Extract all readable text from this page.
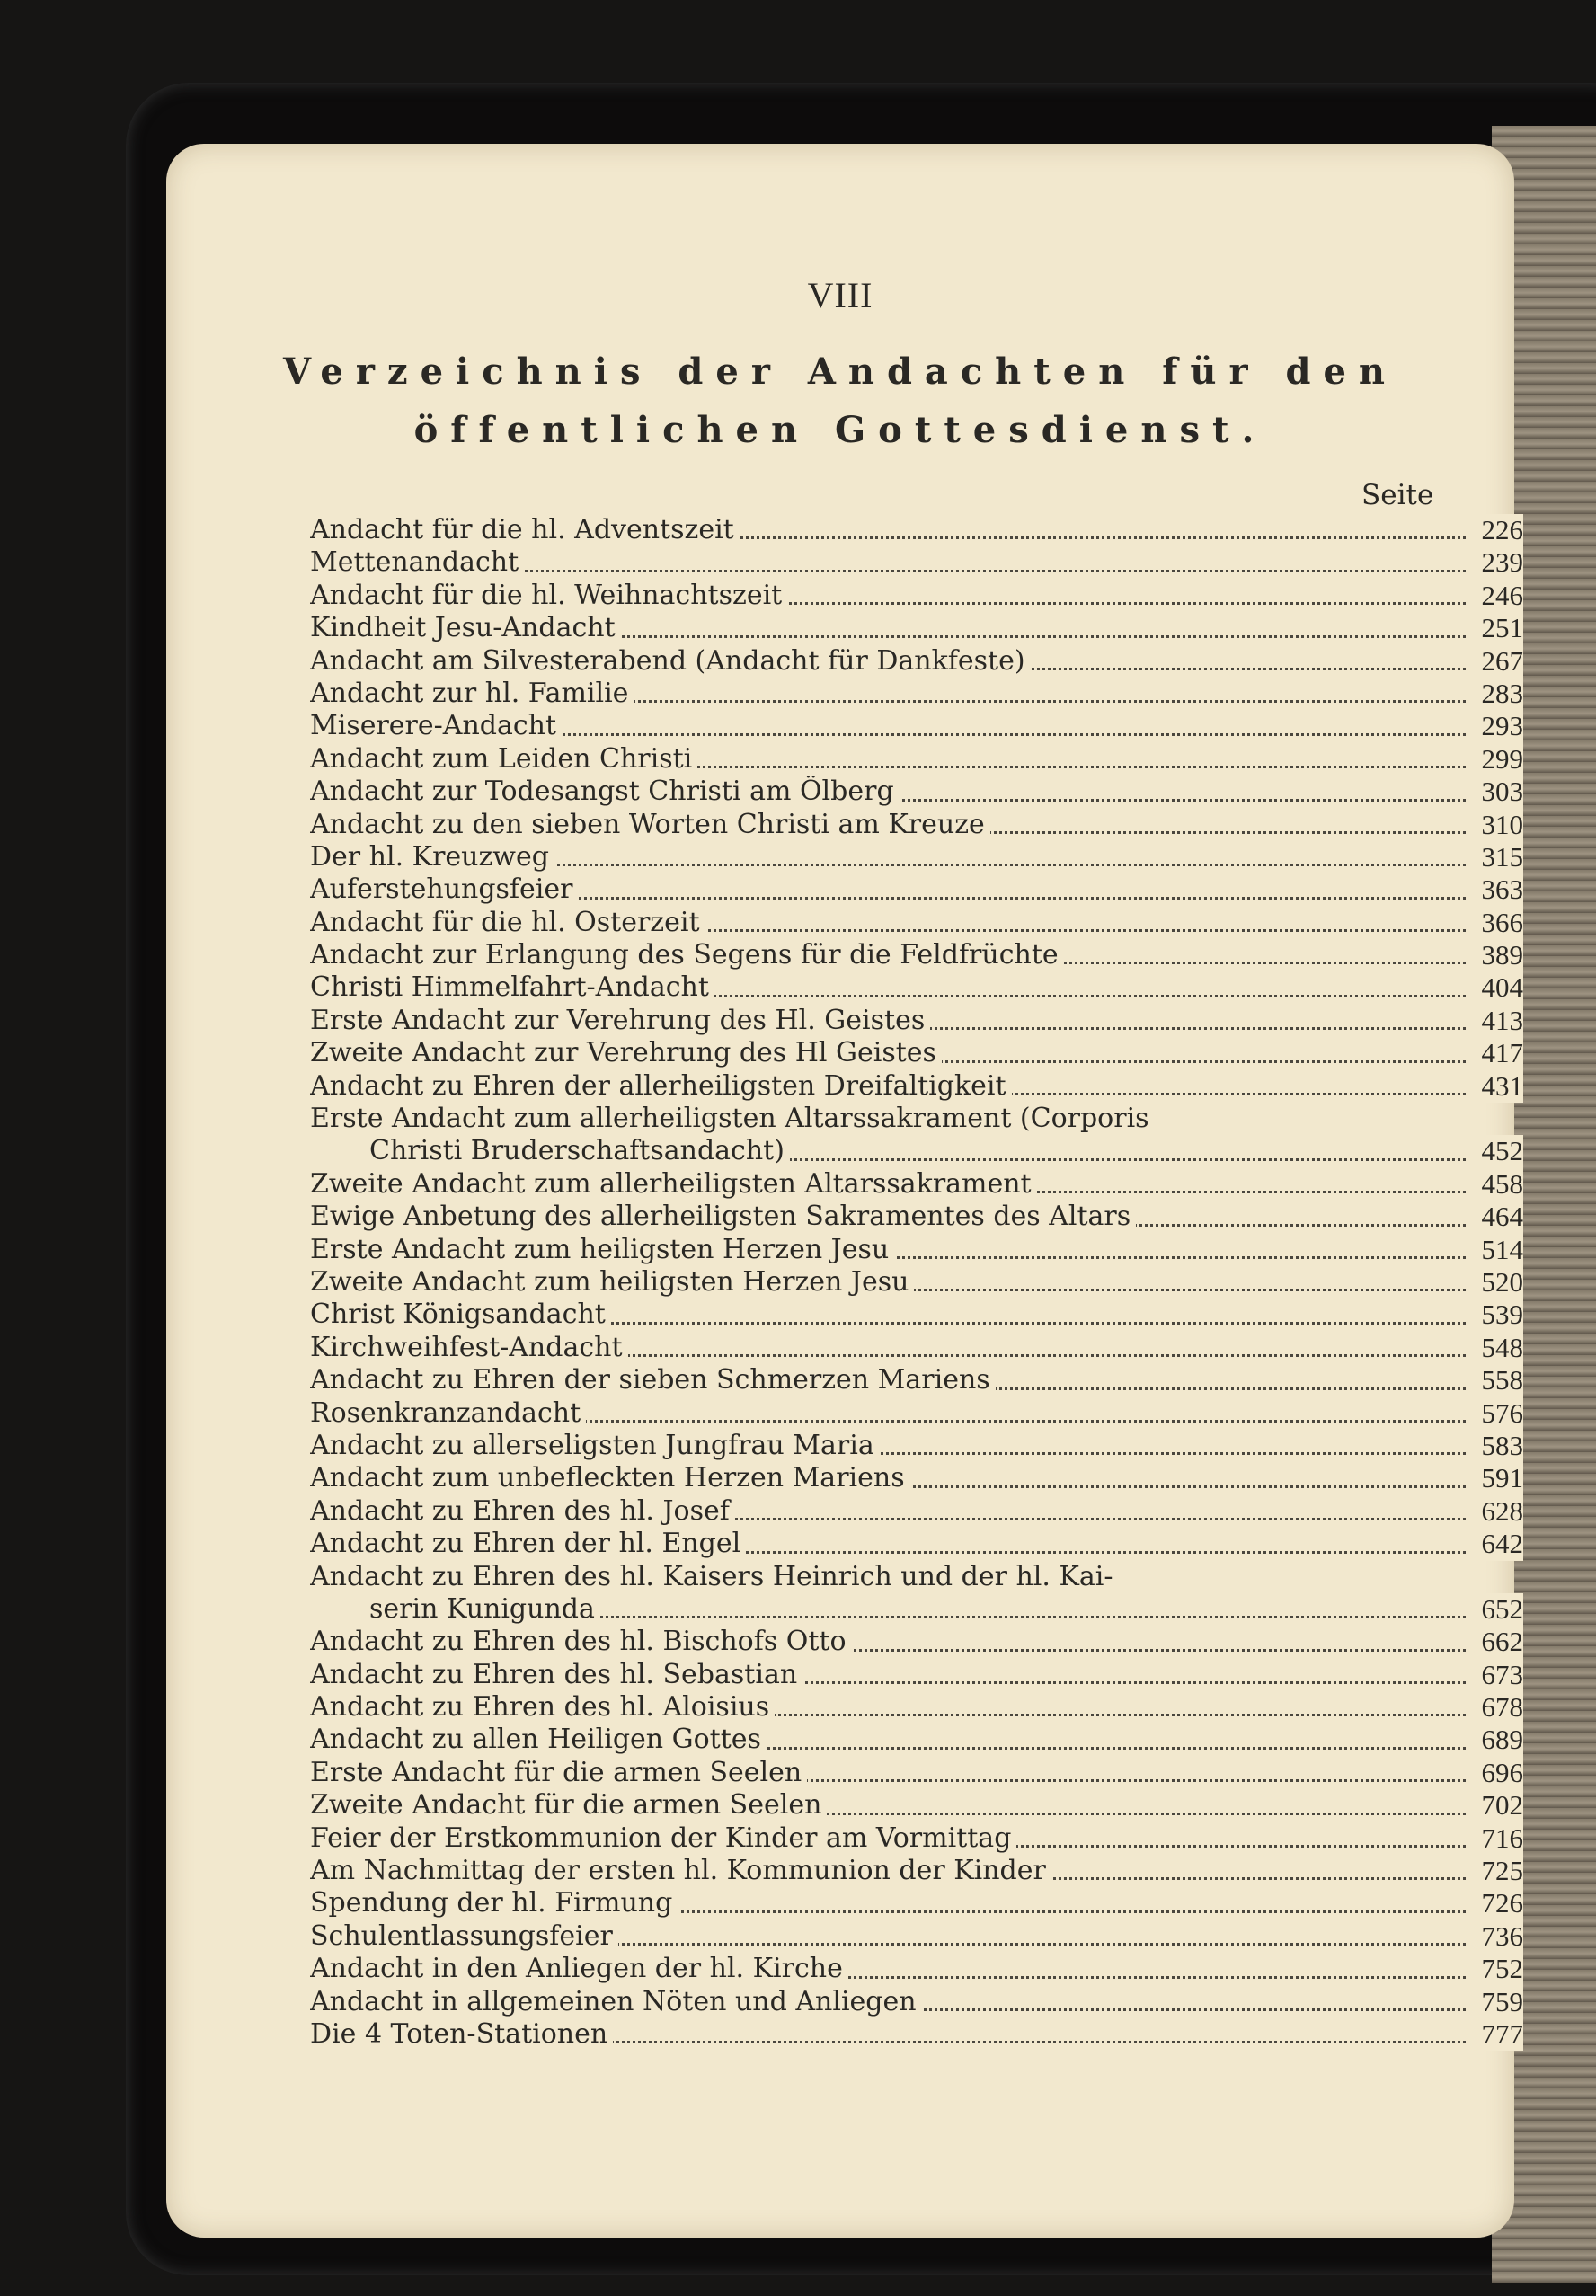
VIII
Verzeichnis der Andachten für den
öffentlichen Gottesdienst.
Seite
Andacht für die hl. Adventszeit	226
Mettenandacht	239
Andacht für die hl. Weihnachtszeit	246
Kindheit Jesu-Andacht	251
Andacht am Silvesterabend (Andacht für Dankfeste)	267
Andacht zur hl. Familie	283
Miserere-Andacht	293
Andacht zum Leiden Christi	299
Andacht zur Todesangst Christi am Ölberg	303
Andacht zu den sieben Worten Christi am Kreuze	310
Der hl. Kreuzweg	315
Auferstehungsfeier	363
Andacht für die hl. Osterzeit	366
Andacht zur Erlangung des Segens für die Feldfrüchte	389
Christi Himmelfahrt-Andacht	404
Erste Andacht zur Verehrung des Hl. Geistes	413
Zweite Andacht zur Verehrung des Hl Geistes	417
Andacht zu Ehren der allerheiligsten Dreifaltigkeit	431
Erste Andacht zum allerheiligsten Altarssakrament (Corporis
Christi Bruderschaftsandacht)	452
Zweite Andacht zum allerheiligsten Altarssakrament	458
Ewige Anbetung des allerheiligsten Sakramentes des Altars	464
Erste Andacht zum heiligsten Herzen Jesu	514
Zweite Andacht zum heiligsten Herzen Jesu	520
Christ Königsandacht	539
Kirchweihfest-Andacht	548
Andacht zu Ehren der sieben Schmerzen Mariens	558
Rosenkranzandacht	576
Andacht zu allerseligsten Jungfrau Maria	583
Andacht zum unbefleckten Herzen Mariens	591
Andacht zu Ehren des hl. Josef	628
Andacht zu Ehren der hl. Engel	642
Andacht zu Ehren des hl. Kaisers Heinrich und der hl. Kai-
serin Kunigunda	652
Andacht zu Ehren des hl. Bischofs Otto	662
Andacht zu Ehren des hl. Sebastian	673
Andacht zu Ehren des hl. Aloisius	678
Andacht zu allen Heiligen Gottes	689
Erste Andacht für die armen Seelen	696
Zweite Andacht für die armen Seelen	702
Feier der Erstkommunion der Kinder am Vormittag	716
Am Nachmittag der ersten hl. Kommunion der Kinder	725
Spendung der hl. Firmung	726
Schulentlassungsfeier	736
Andacht in den Anliegen der hl. Kirche	752
Andacht in allgemeinen Nöten und Anliegen	759
Die 4 Toten-Stationen	777
